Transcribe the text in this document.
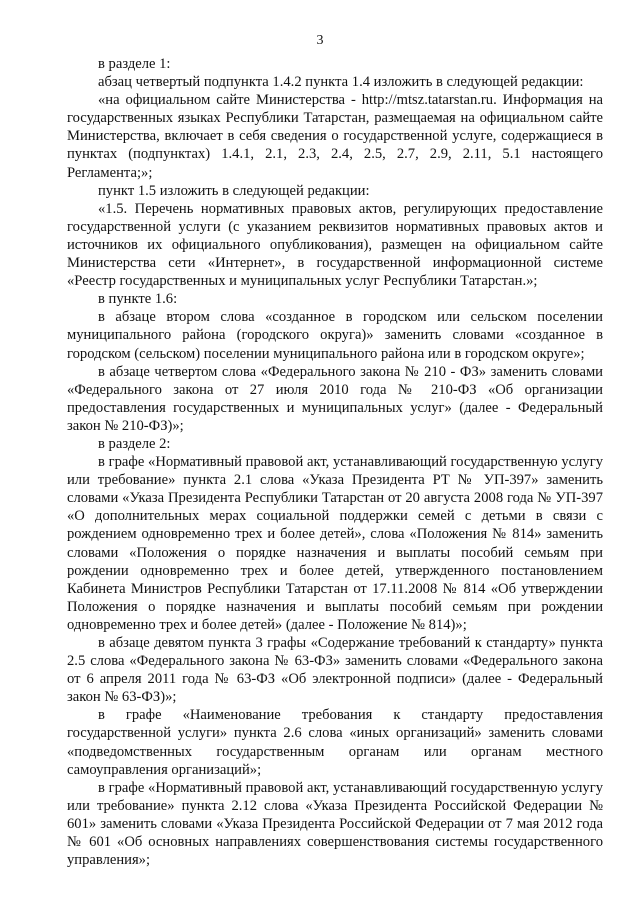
3

в разделе 1:

абзац четвертый подпункта 1.4.2 пункта 1.4 изложить в следующей редакции:

«на официальном сайте Министерства - http://mtsz.tatarstan.ru. Информация на государственных языках Республики Татарстан, размещаемая на официальном сайте Министерства, включает в себя сведения о государственной услуге, содержащиеся в пунктах (подпунктах) 1.4.1, 2.1, 2.3, 2.4, 2.5, 2.7, 2.9, 2.11, 5.1 настоящего Регламента;»;

пункт 1.5 изложить в следующей редакции:

«1.5. Перечень нормативных правовых актов, регулирующих предоставление государственной услуги (с указанием реквизитов нормативных правовых актов и источников их официального опубликования), размещен на официальном сайте Министерства сети «Интернет», в государственной информационной системе «Реестр государственных и муниципальных услуг Республики Татарстан.»;

в пункте 1.6:

в абзаце втором слова «созданное в городском или сельском поселении муниципального района (городского округа)» заменить словами «созданное в городском (сельском) поселении муниципального района или в городском округе»;

в абзаце четвертом слова «Федерального закона № 210 - ФЗ» заменить словами «Федерального закона от 27 июля 2010 года № 210-ФЗ «Об организации предоставления государственных и муниципальных услуг» (далее - Федеральный закон № 210-ФЗ)»;

в разделе 2:

в графе «Нормативный правовой акт, устанавливающий государственную услугу или требование» пункта 2.1 слова «Указа Президента РТ № УП-397» заменить словами «Указа Президента Республики Татарстан от 20 августа 2008 года № УП-397 «О дополнительных мерах социальной поддержки семей с детьми в связи с рождением одновременно трех и более детей», слова «Положения № 814» заменить словами «Положения о порядке назначения и выплаты пособий семьям при рождении одновременно трех и более детей, утвержденного постановлением Кабинета Министров Республики Татарстан от 17.11.2008 № 814 «Об утверждении Положения о порядке назначения и выплаты пособий семьям при рождении одновременно трех и более детей» (далее - Положение № 814)»;

в абзаце девятом пункта 3 графы «Содержание требований к стандарту» пункта 2.5 слова «Федерального закона № 63-ФЗ» заменить словами «Федерального закона от 6 апреля 2011 года № 63-ФЗ «Об электронной подписи» (далее - Федеральный закон № 63-ФЗ)»;

в графе «Наименование требования к стандарту предоставления государственной услуги» пункта 2.6 слова «иных организаций» заменить словами «подведомственных государственным органам или органам местного самоуправления организаций»;

в графе «Нормативный правовой акт, устанавливающий государственную услугу или требование» пункта 2.12 слова «Указа Президента Российской Федерации № 601» заменить словами «Указа Президента Российской Федерации от 7 мая 2012 года № 601 «Об основных направлениях совершенствования системы государственного управления»;
